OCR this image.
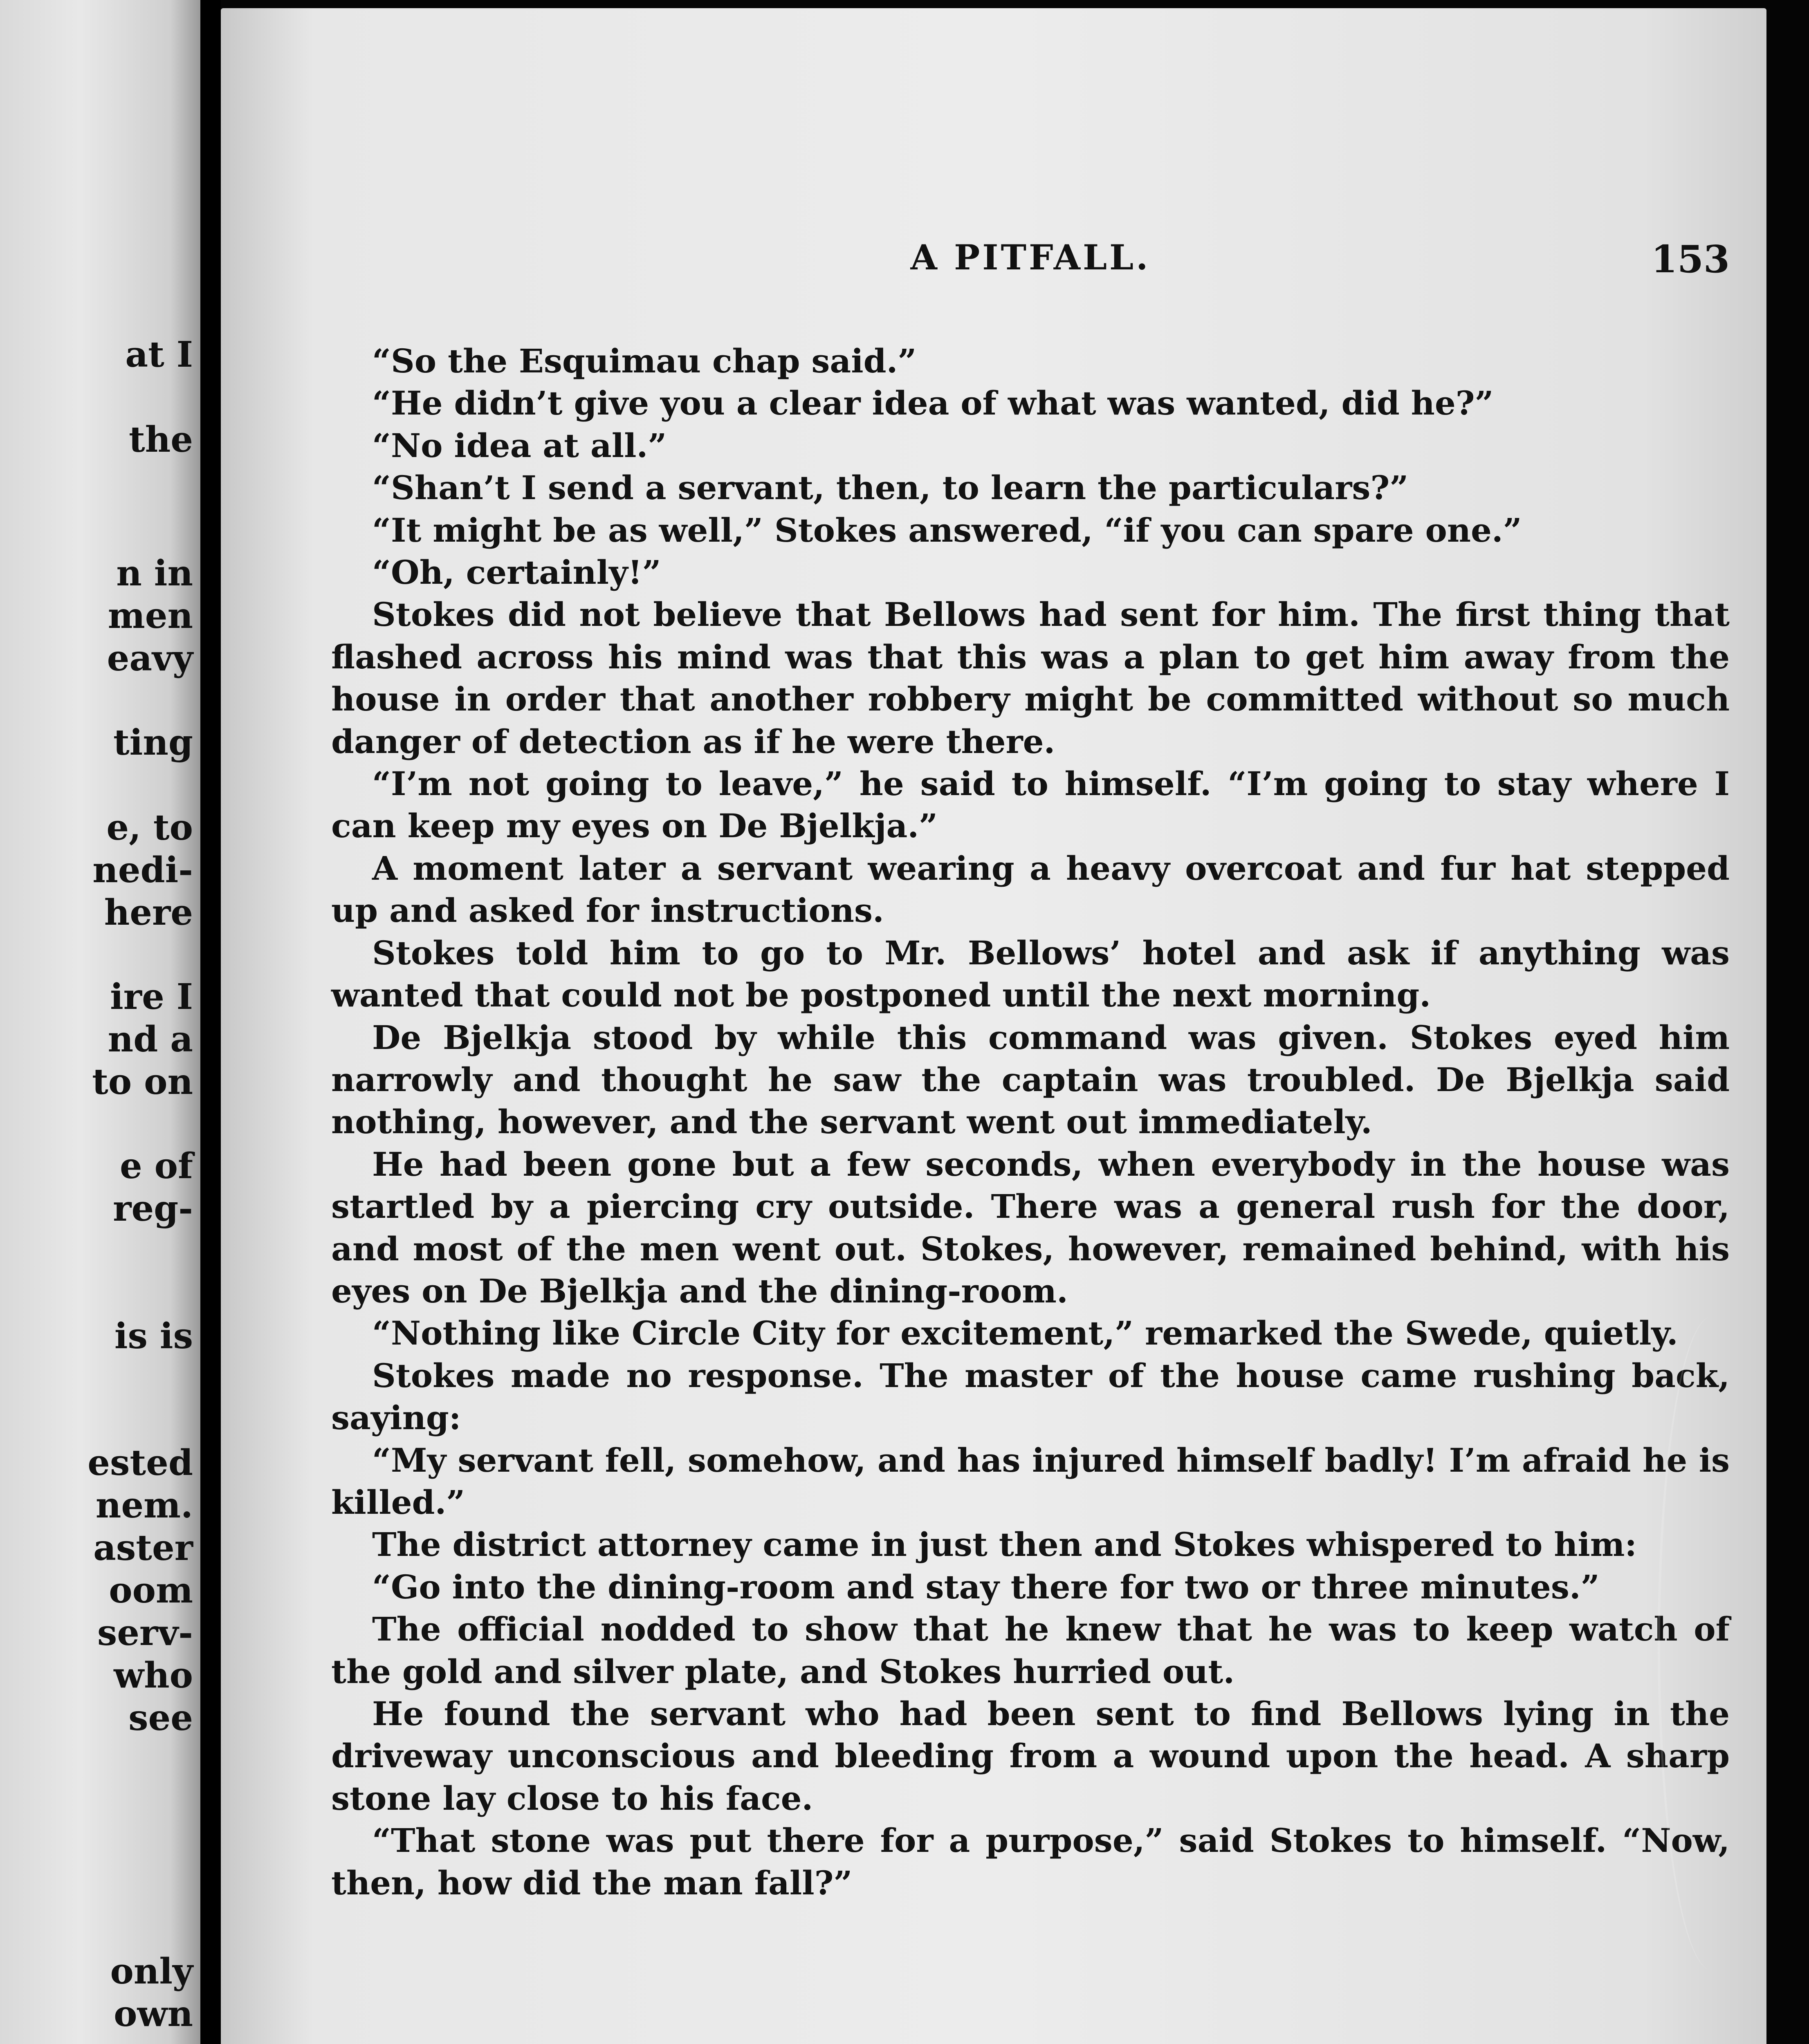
at I
the
n in
men
eavy
ting
e, to
nedi-
here
ire I
nd a
to on
e of
reg-
is is
ested
nem.
aster
oom
serv-
who
see
only
own
A PITFALL.	153

“So the Esquimau chap said.”

“He didn’t give you a clear idea of what was wanted, did he?”

“No idea at all.”

“Shan’t I send a servant, then, to learn the particulars?”

“It might be as well,” Stokes answered, “if you can spare one.”

“Oh, certainly!”

Stokes did not believe that Bellows had sent for him. The first thing that flashed across his mind was that this was a plan to get him away from the house in order that another robbery might be committed without so much danger of detection as if he were there.

“I’m not going to leave,” he said to himself. “I’m going to stay where I can keep my eyes on De Bjelkja.”

A moment later a servant wearing a heavy overcoat and fur hat stepped up and asked for instructions.

Stokes told him to go to Mr. Bellows’ hotel and ask if anything was wanted that could not be postponed until the next morning.

De Bjelkja stood by while this command was given. Stokes eyed him narrowly and thought he saw the captain was troubled. De Bjelkja said nothing, however, and the servant went out immediately.

He had been gone but a few seconds, when everybody in the house was startled by a piercing cry outside. There was a general rush for the door, and most of the men went out. Stokes, however, remained behind, with his eyes on De Bjelkja and the dining-room.

“Nothing like Circle City for excitement,” remarked the Swede, quietly.

Stokes made no response. The master of the house came rushing back, saying:

“My servant fell, somehow, and has injured himself badly! I’m afraid he is killed.”

The district attorney came in just then and Stokes whispered to him:

“Go into the dining-room and stay there for two or three minutes.”

The official nodded to show that he knew that he was to keep watch of the gold and silver plate, and Stokes hurried out.

He found the servant who had been sent to find Bellows lying in the driveway unconscious and bleeding from a wound upon the head. A sharp stone lay close to his face.

“That stone was put there for a purpose,” said Stokes to himself. “Now, then, how did the man fall?”
